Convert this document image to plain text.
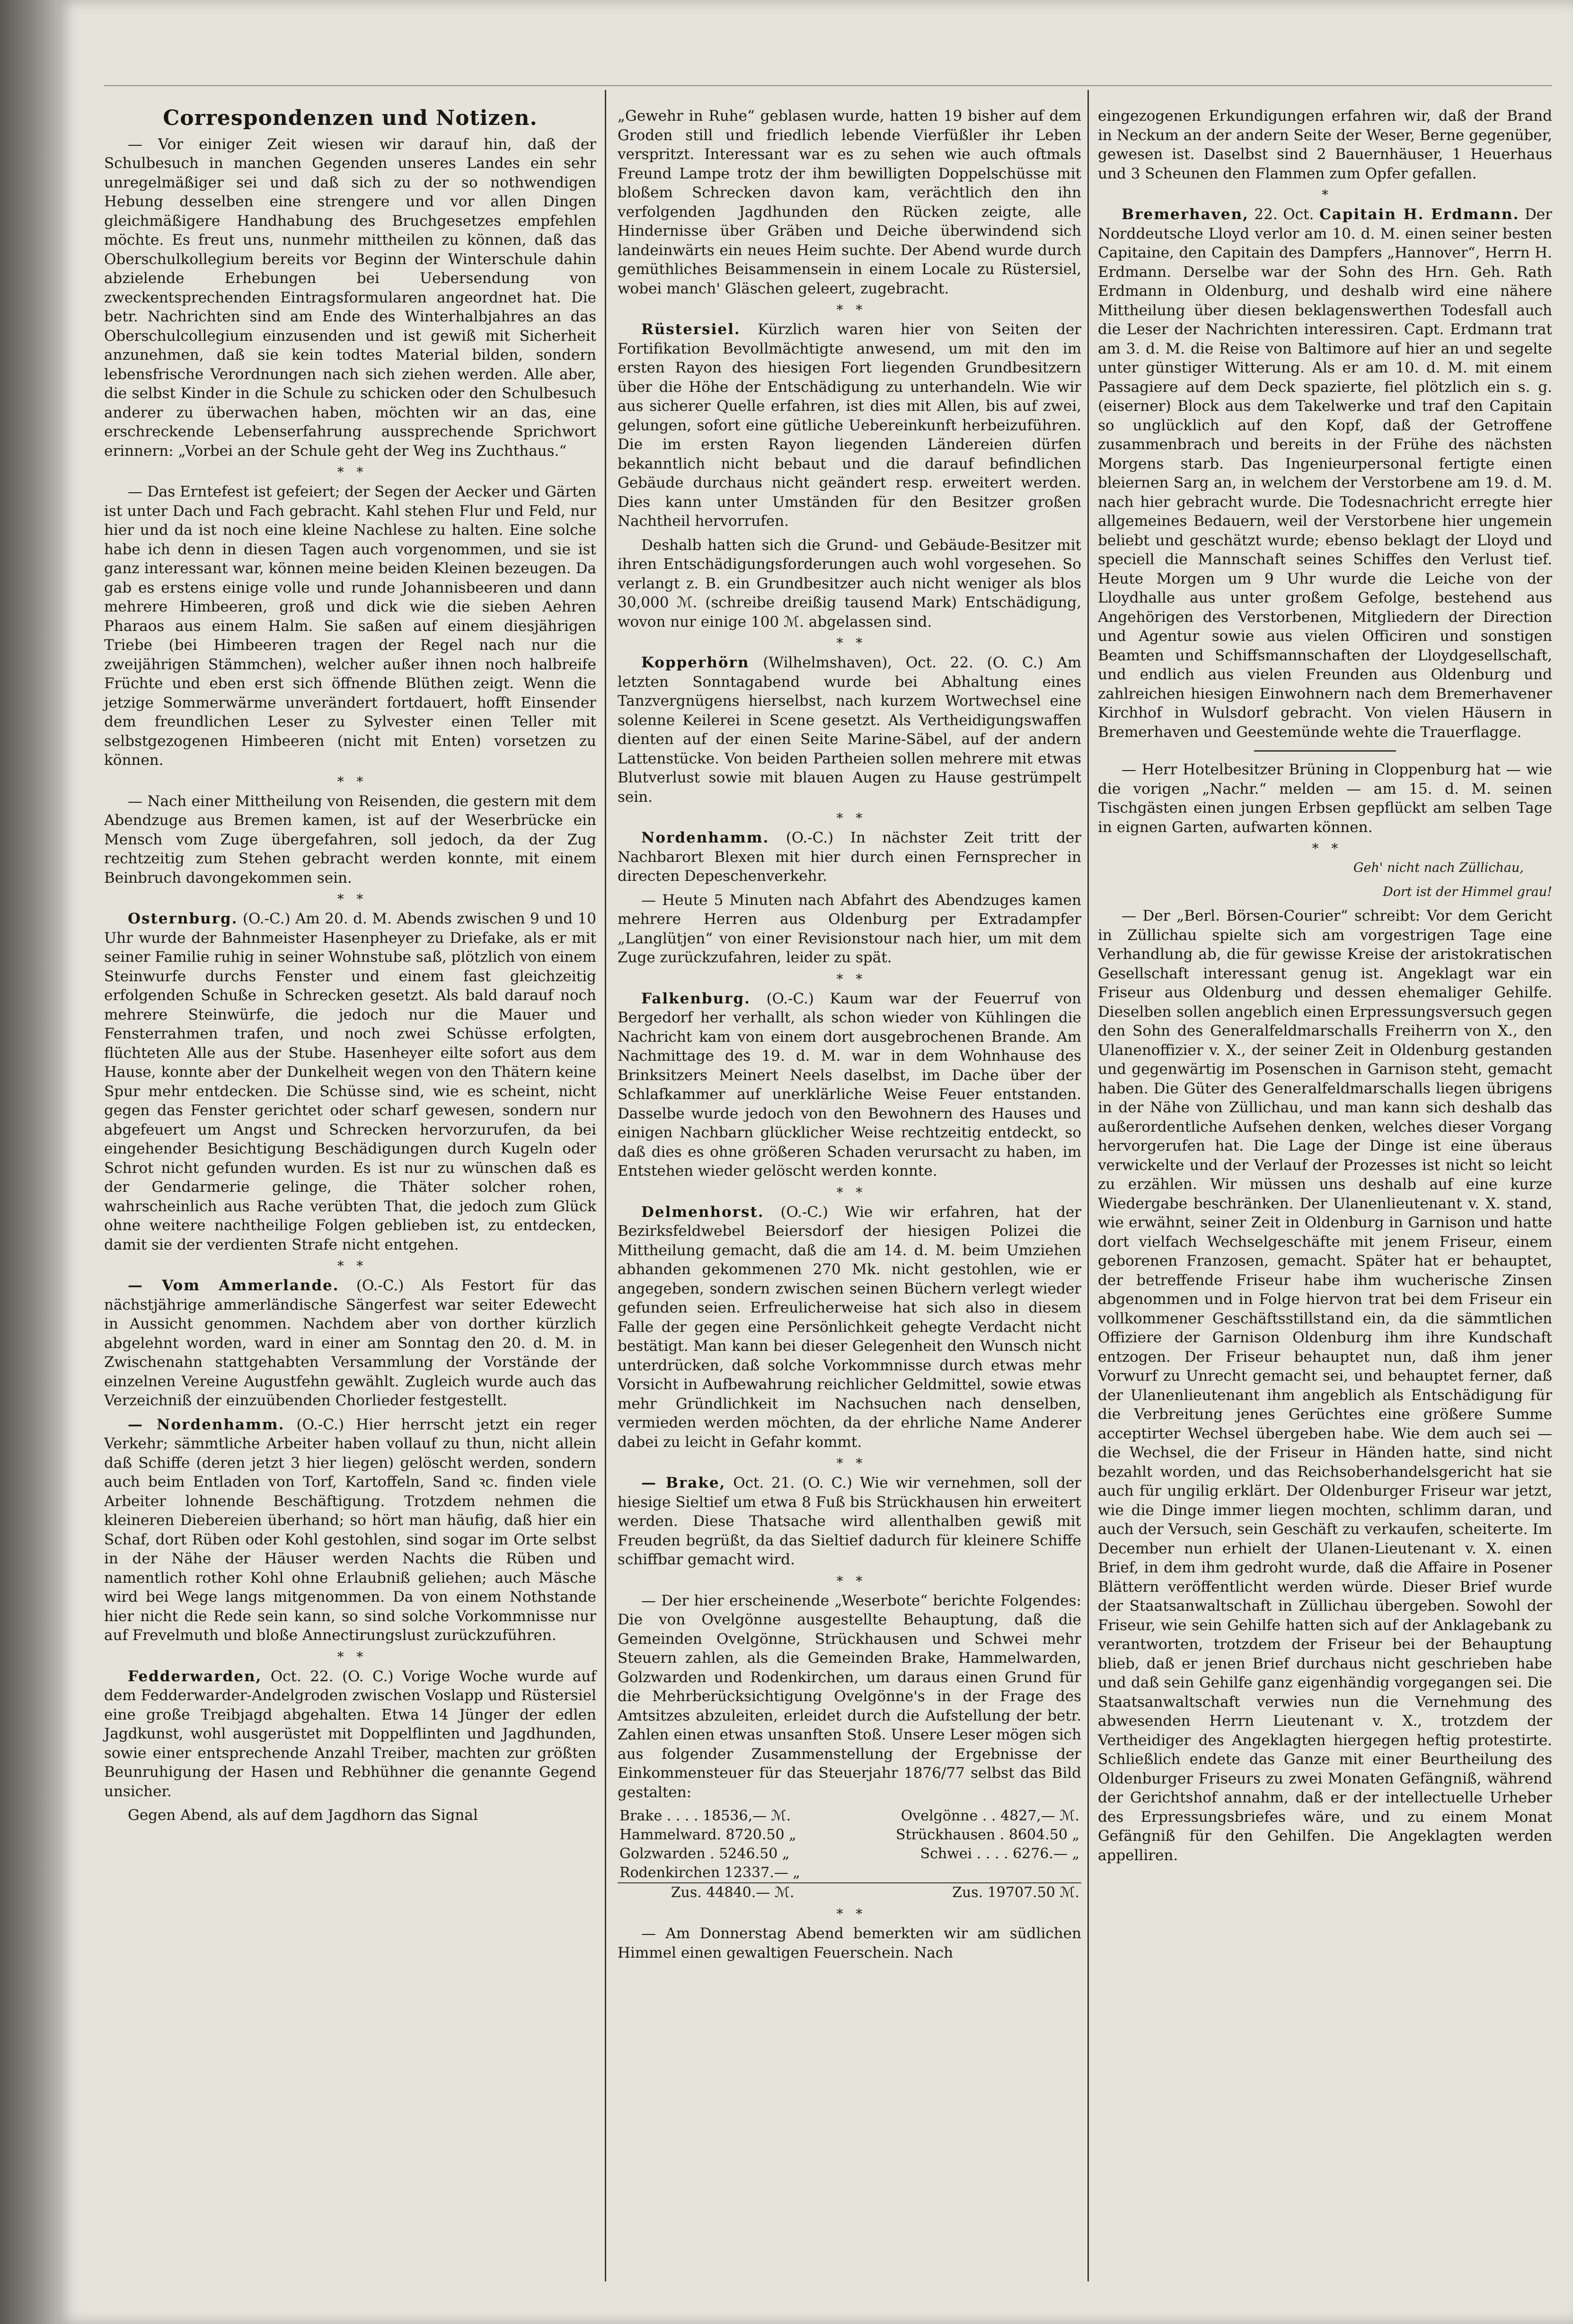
Correspondenzen und Notizen.

— Vor einiger Zeit wiesen wir darauf hin, daß der Schulbesuch in manchen Gegenden unseres Landes ein sehr unregelmäßiger sei und daß sich zu der so nothwendigen Hebung desselben eine strengere und vor allen Dingen gleichmäßigere Handhabung des Bruchgesetzes empfehlen möchte. Es freut uns, nunmehr mittheilen zu können, daß das Oberschulkollegium bereits vor Beginn der Winterschule dahin abzielende Erhebungen bei Uebersendung von zweckentsprechenden Eintragsformularen angeordnet hat. Die betr. Nachrichten sind am Ende des Winterhalbjahres an das Oberschulcollegium einzusenden und ist gewiß mit Sicherheit anzunehmen, daß sie kein todtes Material bilden, sondern lebensfrische Verordnungen nach sich ziehen werden. Alle aber, die selbst Kinder in die Schule zu schicken oder den Schulbesuch anderer zu überwachen haben, möchten wir an das, eine erschreckende Lebenserfahrung aussprechende Sprichwort erinnern: „Vorbei an der Schule geht der Weg ins Zuchthaus.“

*   *

— Das Erntefest ist gefeiert; der Segen der Aecker und Gärten ist unter Dach und Fach gebracht. Kahl stehen Flur und Feld, nur hier und da ist noch eine kleine Nachlese zu halten. Eine solche habe ich denn in diesen Tagen auch vorgenommen, und sie ist ganz interessant war, können meine beiden Kleinen bezeugen. Da gab es erstens einige volle und runde Johannisbeeren und dann mehrere Himbeeren, groß und dick wie die sieben Aehren Pharaos aus einem Halm. Sie saßen auf einem diesjährigen Triebe (bei Himbeeren tragen der Regel nach nur die zweijährigen Stämmchen), welcher außer ihnen noch halbreife Früchte und eben erst sich öffnende Blüthen zeigt. Wenn die jetzige Sommerwärme unverändert fortdauert, hofft Einsender dem freundlichen Leser zu Sylvester einen Teller mit selbstgezogenen Himbeeren (nicht mit Enten) vorsetzen zu können.

*   *

— Nach einer Mittheilung von Reisenden, die gestern mit dem Abendzuge aus Bremen kamen, ist auf der Weserbrücke ein Mensch vom Zuge übergefahren, soll jedoch, da der Zug rechtzeitig zum Stehen gebracht werden konnte, mit einem Beinbruch davongekommen sein.

*   *

Osternburg. (O.-C.) Am 20. d. M. Abends zwischen 9 und 10 Uhr wurde der Bahnmeister Hasenpheyer zu Driefake, als er mit seiner Familie ruhig in seiner Wohnstube saß, plötzlich von einem Steinwurfe durchs Fenster und einem fast gleichzeitig erfolgenden Schuße in Schrecken gesetzt. Als bald darauf noch mehrere Steinwürfe, die jedoch nur die Mauer und Fensterrahmen trafen, und noch zwei Schüsse erfolgten, flüchteten Alle aus der Stube. Hasenheyer eilte sofort aus dem Hause, konnte aber der Dunkelheit wegen von den Thätern keine Spur mehr entdecken. Die Schüsse sind, wie es scheint, nicht gegen das Fenster gerichtet oder scharf gewesen, sondern nur abgefeuert um Angst und Schrecken hervorzurufen, da bei eingehender Besichtigung Beschädigungen durch Kugeln oder Schrot nicht gefunden wurden. Es ist nur zu wünschen daß es der Gendarmerie gelinge, die Thäter solcher rohen, wahrscheinlich aus Rache verübten That, die jedoch zum Glück ohne weitere nachtheilige Folgen geblieben ist, zu entdecken, damit sie der verdienten Strafe nicht entgehen.

*   *

— Vom Ammerlande. (O.-C.) Als Festort für das nächstjährige ammerländische Sängerfest war seiter Edewecht in Aussicht genommen. Nachdem aber von dorther kürzlich abgelehnt worden, ward in einer am Sonntag den 20. d. M. in Zwischenahn stattgehabten Versammlung der Vorstände der einzelnen Vereine Augustfehn gewählt. Zugleich wurde auch das Verzeichniß der einzuübenden Chorlieder festgestellt.

— Nordenhamm. (O.-C.) Hier herrscht jetzt ein reger Verkehr; sämmtliche Arbeiter haben vollauf zu thun, nicht allein daß Schiffe (deren jetzt 3 hier liegen) gelöscht werden, sondern auch beim Entladen von Torf, Kartoffeln, Sand ꝛc. finden viele Arbeiter lohnende Beschäftigung. Trotzdem nehmen die kleineren Diebereien überhand; so hört man häufig, daß hier ein Schaf, dort Rüben oder Kohl gestohlen, sind sogar im Orte selbst in der Nähe der Häuser werden Nachts die Rüben und namentlich rother Kohl ohne Erlaubniß geliehen; auch Mäsche wird bei Wege langs mitgenommen. Da von einem Nothstande hier nicht die Rede sein kann, so sind solche Vorkommnisse nur auf Frevelmuth und bloße Annectirungslust zurückzuführen.

*   *

Fedderwarden, Oct. 22. (O. C.) Vorige Woche wurde auf dem Fedderwarder-Andelgroden zwischen Voslapp und Rüstersiel eine große Treibjagd abgehalten. Etwa 14 Jünger der edlen Jagdkunst, wohl ausgerüstet mit Doppelflinten und Jagdhunden, sowie einer entsprechende Anzahl Treiber, machten zur größten Beunruhigung der Hasen und Rebhühner die genannte Gegend unsicher.

Gegen Abend, als auf dem Jagdhorn das Signal

„Gewehr in Ruhe“ geblasen wurde, hatten 19 bisher auf dem Groden still und friedlich lebende Vierfüßler ihr Leben verspritzt. Interessant war es zu sehen wie auch oftmals Freund Lampe trotz der ihm bewilligten Doppelschüsse mit bloßem Schrecken davon kam, verächtlich den ihn verfolgenden Jagdhunden den Rücken zeigte, alle Hindernisse über Gräben und Deiche überwindend sich landeinwärts ein neues Heim suchte. Der Abend wurde durch gemüthliches Beisammensein in einem Locale zu Rüstersiel, wobei manch' Gläschen geleert, zugebracht.

*   *

Rüstersiel. Kürzlich waren hier von Seiten der Fortifikation Bevollmächtigte anwesend, um mit den im ersten Rayon des hiesigen Fort liegenden Grundbesitzern über die Höhe der Entschädigung zu unterhandeln. Wie wir aus sicherer Quelle erfahren, ist dies mit Allen, bis auf zwei, gelungen, sofort eine gütliche Uebereinkunft herbeizuführen. Die im ersten Rayon liegenden Ländereien dürfen bekanntlich nicht bebaut und die darauf befindlichen Gebäude durchaus nicht geändert resp. erweitert werden. Dies kann unter Umständen für den Besitzer großen Nachtheil hervorrufen.

Deshalb hatten sich die Grund- und Gebäude-Besitzer mit ihren Entschädigungsforderungen auch wohl vorgesehen. So verlangt z. B. ein Grundbesitzer auch nicht weniger als blos 30,000 ℳ. (schreibe dreißig tausend Mark) Entschädigung, wovon nur einige 100 ℳ. abgelassen sind.

*   *

Kopperhörn (Wilhelmshaven), Oct. 22. (O. C.) Am letzten Sonntagabend wurde bei Abhaltung eines Tanzvergnügens hierselbst, nach kurzem Wortwechsel eine solenne Keilerei in Scene gesetzt. Als Vertheidigungswaffen dienten auf der einen Seite Marine-Säbel, auf der andern Lattenstücke. Von beiden Partheien sollen mehrere mit etwas Blutverlust sowie mit blauen Augen zu Hause gestrümpelt sein.

*   *

Nordenhamm. (O.-C.) In nächster Zeit tritt der Nachbarort Blexen mit hier durch einen Fernsprecher in directen Depeschenverkehr.

— Heute 5 Minuten nach Abfahrt des Abendzuges kamen mehrere Herren aus Oldenburg per Extradampfer „Langlütjen“ von einer Revisionstour nach hier, um mit dem Zuge zurückzufahren, leider zu spät.

*   *

Falkenburg. (O.-C.) Kaum war der Feuerruf von Bergedorf her verhallt, als schon wieder von Kühlingen die Nachricht kam von einem dort ausgebrochenen Brande. Am Nachmittage des 19. d. M. war in dem Wohnhause des Brinksitzers Meinert Neels daselbst, im Dache über der Schlafkammer auf unerklärliche Weise Feuer entstanden. Dasselbe wurde jedoch von den Bewohnern des Hauses und einigen Nachbarn glücklicher Weise rechtzeitig entdeckt, so daß dies es ohne größeren Schaden verursacht zu haben, im Entstehen wieder gelöscht werden konnte.

*   *

Delmenhorst. (O.-C.) Wie wir erfahren, hat der Bezirksfeldwebel Beiersdorf der hiesigen Polizei die Mittheilung gemacht, daß die am 14. d. M. beim Umziehen abhanden gekommenen 270 Mk. nicht gestohlen, wie er angegeben, sondern zwischen seinen Büchern verlegt wieder gefunden seien. Erfreulicherweise hat sich also in diesem Falle der gegen eine Persönlichkeit gehegte Verdacht nicht bestätigt. Man kann bei dieser Gelegenheit den Wunsch nicht unterdrücken, daß solche Vorkommnisse durch etwas mehr Vorsicht in Aufbewahrung reichlicher Geldmittel, sowie etwas mehr Gründlichkeit im Nachsuchen nach denselben, vermieden werden möchten, da der ehrliche Name Anderer dabei zu leicht in Gefahr kommt.

*   *

— Brake, Oct. 21. (O. C.) Wie wir vernehmen, soll der hiesige Sieltief um etwa 8 Fuß bis Strückhausen hin erweitert werden. Diese Thatsache wird allenthalben gewiß mit Freuden begrüßt, da das Sieltief dadurch für kleinere Schiffe schiffbar gemacht wird.

*   *

— Der hier erscheinende „Weserbote“ berichte Folgendes: Die von Ovelgönne ausgestellte Behauptung, daß die Gemeinden Ovelgönne, Strückhausen und Schwei mehr Steuern zahlen, als die Gemeinden Brake, Hammelwarden, Golzwarden und Rodenkirchen, um daraus einen Grund für die Mehrberücksichtigung Ovelgönne's in der Frage des Amtsitzes abzuleiten, erleidet durch die Aufstellung der betr. Zahlen einen etwas unsanften Stoß. Unsere Leser mögen sich aus folgender Zusammenstellung der Ergebnisse der Einkommensteuer für das Steuerjahr 1876/77 selbst das Bild gestalten:

Brake . . . . 18536,— ℳ.	Ovelgönne . . 4827,— ℳ.
Hammelward. 8720.50 „	Strückhausen . 8604.50 „
Golzwarden . 5246.50 „	Schwei . . . . 6276.— „
Rodenkirchen 12337.— „	
Zus. 44840.— ℳ.	Zus. 19707.50 ℳ.
*   *

— Am Donnerstag Abend bemerkten wir am südlichen Himmel einen gewaltigen Feuerschein. Nach

eingezogenen Erkundigungen erfahren wir, daß der Brand in Neckum an der andern Seite der Weser, Berne gegenüber, gewesen ist. Daselbst sind 2 Bauernhäuser, 1 Heuerhaus und 3 Scheunen den Flammen zum Opfer gefallen.

*

Bremerhaven, 22. Oct. Capitain H. Erdmann. Der Norddeutsche Lloyd verlor am 10. d. M. einen seiner besten Capitaine, den Capitain des Dampfers „Hannover“, Herrn H. Erdmann. Derselbe war der Sohn des Hrn. Geh. Rath Erdmann in Oldenburg, und deshalb wird eine nähere Mittheilung über diesen beklagenswerthen Todesfall auch die Leser der Nachrichten interessiren. Capt. Erdmann trat am 3. d. M. die Reise von Baltimore auf hier an und segelte unter günstiger Witterung. Als er am 10. d. M. mit einem Passagiere auf dem Deck spazierte, fiel plötzlich ein s. g. (eiserner) Block aus dem Takelwerke und traf den Capitain so unglücklich auf den Kopf, daß der Getroffene zusammenbrach und bereits in der Frühe des nächsten Morgens starb. Das Ingenieurpersonal fertigte einen bleiernen Sarg an, in welchem der Verstorbene am 19. d. M. nach hier gebracht wurde. Die Todesnachricht erregte hier allgemeines Bedauern, weil der Verstorbene hier ungemein beliebt und geschätzt wurde; ebenso beklagt der Lloyd und speciell die Mannschaft seines Schiffes den Verlust tief. Heute Morgen um 9 Uhr wurde die Leiche von der Lloydhalle aus unter großem Gefolge, bestehend aus Angehörigen des Verstorbenen, Mitgliedern der Direction und Agentur sowie aus vielen Officiren und sonstigen Beamten und Schiffsmannschaften der Lloydgesellschaft, und endlich aus vielen Freunden aus Oldenburg und zahlreichen hiesigen Einwohnern nach dem Bremerhavener Kirchhof in Wulsdorf gebracht. Von vielen Häusern in Bremerhaven und Geestemünde wehte die Trauerflagge.

— Herr Hotelbesitzer Brüning in Cloppenburg hat — wie die vorigen „Nachr.“ melden — am 15. d. M. seinen Tischgästen einen jungen Erbsen gepflückt am selben Tage in eignen Garten, aufwarten können.

*   *

Geh' nicht nach Züllichau,

Dort ist der Himmel grau!

— Der „Berl. Börsen-Courier“ schreibt: Vor dem Gericht in Züllichau spielte sich am vorgestrigen Tage eine Verhandlung ab, die für gewisse Kreise der aristokratischen Gesellschaft interessant genug ist. Angeklagt war ein Friseur aus Oldenburg und dessen ehemaliger Gehilfe. Dieselben sollen angeblich einen Erpressungsversuch gegen den Sohn des Generalfeldmarschalls Freiherrn von X., den Ulanenoffizier v. X., der seiner Zeit in Oldenburg gestanden und gegenwärtig im Posenschen in Garnison steht, gemacht haben. Die Güter des Generalfeldmarschalls liegen übrigens in der Nähe von Züllichau, und man kann sich deshalb das außerordentliche Aufsehen denken, welches dieser Vorgang hervorgerufen hat. Die Lage der Dinge ist eine überaus verwickelte und der Verlauf der Prozesses ist nicht so leicht zu erzählen. Wir müssen uns deshalb auf eine kurze Wiedergabe beschränken. Der Ulanenlieutenant v. X. stand, wie erwähnt, seiner Zeit in Oldenburg in Garnison und hatte dort vielfach Wechselgeschäfte mit jenem Friseur, einem geborenen Franzosen, gemacht. Später hat er behauptet, der betreffende Friseur habe ihm wucherische Zinsen abgenommen und in Folge hiervon trat bei dem Friseur ein vollkommener Geschäftsstillstand ein, da die sämmtlichen Offiziere der Garnison Oldenburg ihm ihre Kundschaft entzogen. Der Friseur behauptet nun, daß ihm jener Vorwurf zu Unrecht gemacht sei, und behauptet ferner, daß der Ulanenlieutenant ihm angeblich als Entschädigung für die Verbreitung jenes Gerüchtes eine größere Summe acceptirter Wechsel übergeben habe. Wie dem auch sei — die Wechsel, die der Friseur in Händen hatte, sind nicht bezahlt worden, und das Reichsoberhandelsgericht hat sie auch für ungilig erklärt. Der Oldenburger Friseur war jetzt, wie die Dinge immer liegen mochten, schlimm daran, und auch der Versuch, sein Geschäft zu verkaufen, scheiterte. Im December nun erhielt der Ulanen-Lieutenant v. X. einen Brief, in dem ihm gedroht wurde, daß die Affaire in Posener Blättern veröffentlicht werden würde. Dieser Brief wurde der Staatsanwaltschaft in Züllichau übergeben. Sowohl der Friseur, wie sein Gehilfe hatten sich auf der Anklagebank zu verantworten, trotzdem der Friseur bei der Behauptung blieb, daß er jenen Brief durchaus nicht geschrieben habe und daß sein Gehilfe ganz eigenhändig vorgegangen sei. Die Staatsanwaltschaft verwies nun die Vernehmung des abwesenden Herrn Lieutenant v. X., trotzdem der Vertheidiger des Angeklagten hiergegen heftig protestirte. Schließlich endete das Ganze mit einer Beurtheilung des Oldenburger Friseurs zu zwei Monaten Gefängniß, während der Gerichtshof annahm, daß er der intellectuelle Urheber des Erpressungsbriefes wäre, und zu einem Monat Gefängniß für den Gehilfen. Die Angeklagten werden appelliren.
